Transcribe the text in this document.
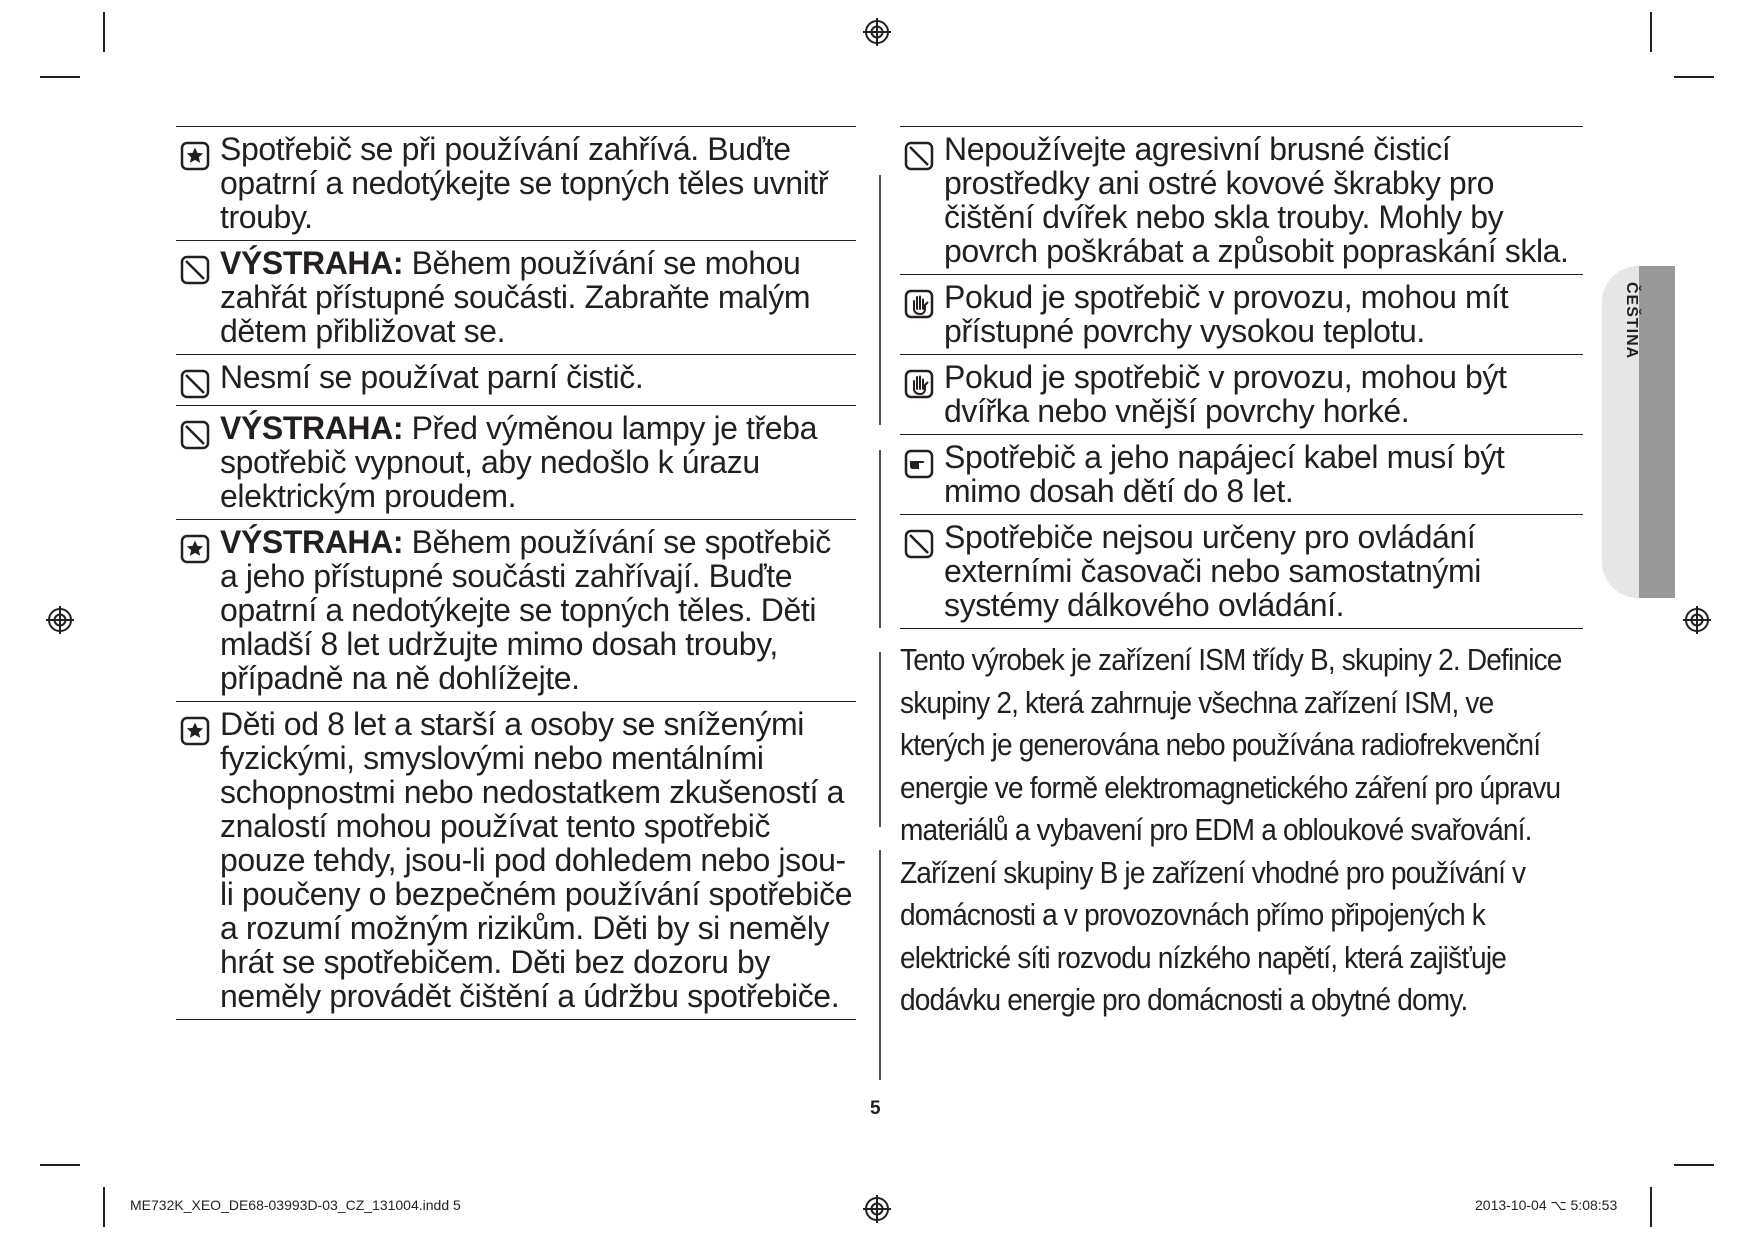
ČEŠTINA
Spotřebič se při používání zahřívá. Buďte opatrní a nedotýkejte se topných těles uvnitř trouby.
VÝSTRAHA: Během používání se mohou zahřát přístupné součásti. Zabraňte malým dětem přibližovat se.
Nesmí se používat parní čistič.
VÝSTRAHA: Před výměnou lampy je třeba spotřebič vypnout, aby nedošlo k úrazu elektrickým proudem.
VÝSTRAHA: Během používání se spotřebič a jeho přístupné součásti zahřívají. Buďte opatrní a nedotýkejte se topných těles. Děti mladší 8 let udržujte mimo dosah trouby, případně na ně dohlížejte.
Děti od 8 let a starší a osoby se sníženými fyzickými, smyslovými nebo mentálními schopnostmi nebo nedostatkem zkušeností a znalostí mohou používat tento spotřebič pouze tehdy, jsou-li pod dohledem nebo jsou-li poučeny o bezpečném používání spotřebiče a rozumí možným rizikům. Děti by si neměly hrát se spotřebičem. Děti bez dozoru by neměly provádět čištění a údržbu spotřebiče.
Nepoužívejte agresivní brusné čisticí prostředky ani ostré kovové škrabky pro čištění dvířek nebo skla trouby. Mohly by povrch poškrábat a způsobit popraskání skla.
Pokud je spotřebič v provozu, mohou mít přístupné povrchy vysokou teplotu.
Pokud je spotřebič v provozu, mohou být dvířka nebo vnější povrchy horké.
Spotřebič a jeho napájecí kabel musí být mimo dosah dětí do 8 let.
Spotřebiče nejsou určeny pro ovládání externími časovači nebo samostatnými systémy dálkového ovládání.

Tento výrobek je zařízení ISM třídy B, skupiny 2. Definice skupiny 2, která zahrnuje všechna zařízení ISM, ve kterých je generována nebo používána radiofrekvenční energie ve formě elektromagnetického záření pro úpravu materiálů a vybavení pro EDM a obloukové svařování.

Zařízení skupiny B je zařízení vhodné pro používání v domácnosti a v provozovnách přímo připojených k elektrické síti rozvodu nízkého napětí, která zajišťuje dodávku energie pro domácnosti a obytné domy.

5
ME732K_XEO_DE68-03993D-03_CZ_131004.indd 5	2013-10-04 ⌥ 5:08:53
